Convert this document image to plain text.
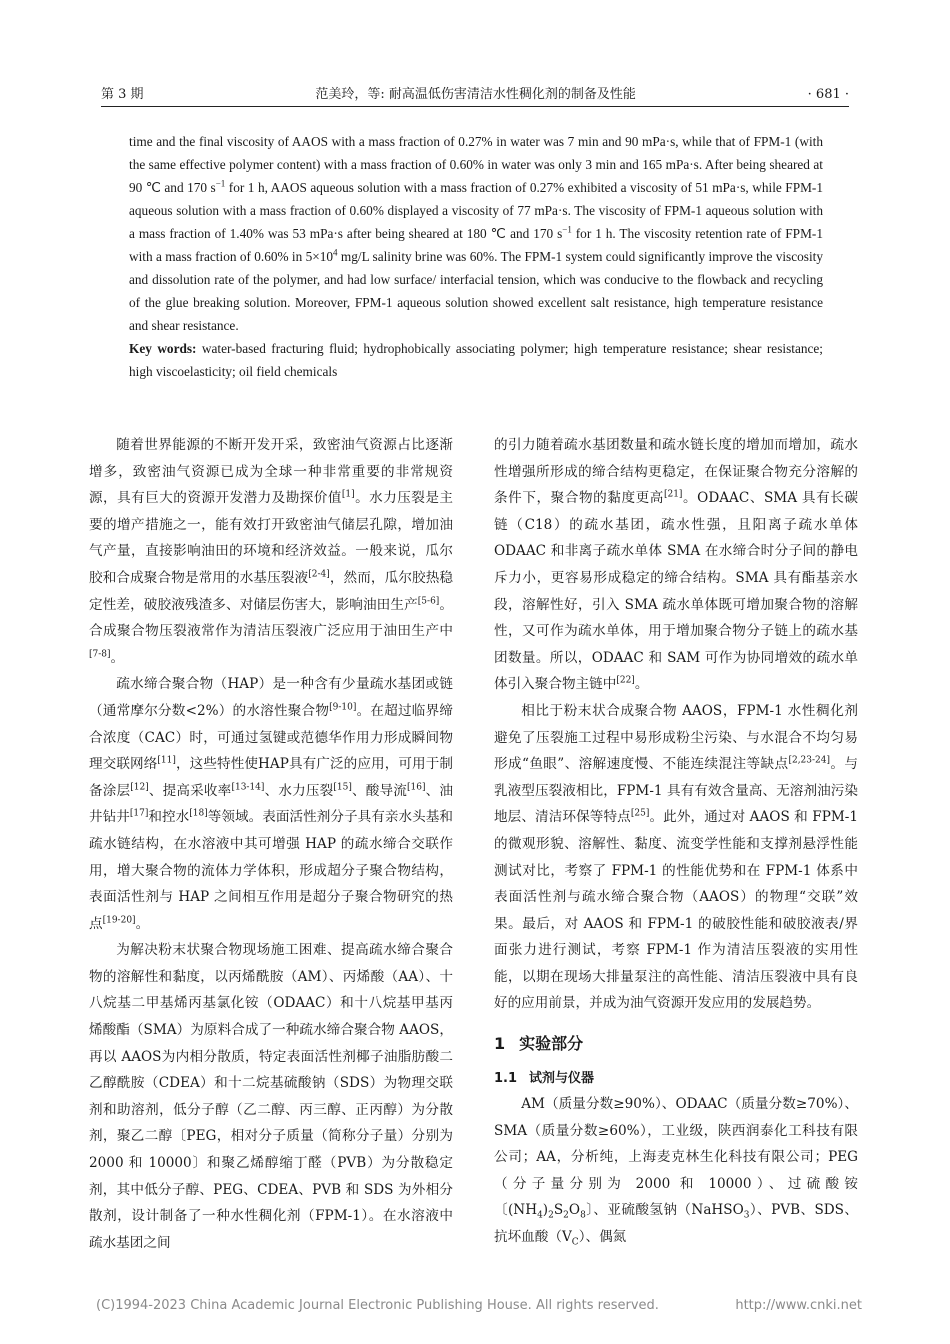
第 3 期	范美玲，等: 耐高温低伤害清洁水性稠化剂的制备及性能	· 681 ·

time and the final viscosity of AAOS with a mass fraction of 0.27% in water was 7 min and 90 mPa·s, while that of FPM-1 (with the same effective polymer content) with a mass fraction of 0.60% in water was only 3 min and 165 mPa·s. After being sheared at 90 ℃ and 170 $s^{-1}$ for 1 h, AAOS aqueous solution with a mass fraction of 0.27% exhibited a viscosity of 51 mPa·s, while FPM-1 aqueous solution with a mass fraction of 0.60% displayed a viscosity of 77 mPa·s. The viscosity of FPM-1 aqueous solution with a mass fraction of 1.40% was 53 mPa·s after being sheared at 180 ℃ and 170 $s^{-1}$ for 1 h. The viscosity retention rate of FPM-1 with a mass fraction of 0.60% in $5\times 10^4$ mg/L salinity brine was 60%. The FPM-1 system could significantly improve the viscosity and dissolution rate of the polymer, and had low surface/ interfacial tension, which was conducive to the flowback and recycling of the glue breaking solution. Moreover, FPM-1 aqueous solution showed excellent salt resistance, high temperature resistance and shear resistance.

Key words: water-based fracturing fluid; hydrophobically associating polymer; high temperature resistance; shear resistance; high viscoelasticity; oil field chemicals

随着世界能源的不断开发开采，致密油气资源占比逐渐增多，致密油气资源已成为全球一种非常重要的非常规资源，具有巨大的资源开发潜力及勘探价值[1]。水力压裂是主要的增产措施之一，能有效打开致密油气储层孔隙，增加油气产量，直接影响油田的环境和经济效益。一般来说，瓜尔胶和合成聚合物是常用的水基压裂液[2-4]，然而，瓜尔胶热稳定性差，破胶液残渣多、对储层伤害大，影响油田生产[5-6]。合成聚合物压裂液常作为清洁压裂液广泛应用于油田生产中[7-8]。

疏水缔合聚合物（HAP）是一种含有少量疏水基团或链（通常摩尔分数<2%）的水溶性聚合物[9-10]。在超过临界缔合浓度（CAC）时，可通过氢键或范德华作用力形成瞬间物理交联网络[11]，这些特性使HAP具有广泛的应用，可用于制备涂层[12]、提高采收率[13-14]、水力压裂[15]、酸导流[16]、油井钻井[17]和控水[18]等领域。表面活性剂分子具有亲水头基和疏水链结构，在水溶液中其可增强 HAP 的疏水缔合交联作用，增大聚合物的流体力学体积，形成超分子聚合物结构，表面活性剂与 HAP 之间相互作用是超分子聚合物研究的热点[19-20]。

为解决粉末状聚合物现场施工困难、提高疏水缔合聚合物的溶解性和黏度，以丙烯酰胺（AM）、丙烯酸（AA）、十八烷基二甲基烯丙基氯化铵（ODAAC）和十八烷基甲基丙烯酸酯（SMA）为原料合成了一种疏水缔合聚合物 AAOS，再以 AAOS为内相分散质，特定表面活性剂椰子油脂肪酸二乙醇酰胺（CDEA）和十二烷基硫酸钠（SDS）为物理交联剂和助溶剂，低分子醇（乙二醇、丙三醇、正丙醇）为分散剂，聚乙二醇〔PEG，相对分子质量（简称分子量）分别为 2000 和 10000〕和聚乙烯醇缩丁醛（PVB）为分散稳定剂，其中低分子醇、PEG、CDEA、PVB 和 SDS 为外相分散剂，设计制备了一种水性稠化剂（FPM-1）。在水溶液中疏水基团之间

的引力随着疏水基团数量和疏水链长度的增加而增加，疏水性增强所形成的缔合结构更稳定，在保证聚合物充分溶解的条件下，聚合物的黏度更高[21]。ODAAC、SMA 具有长碳链（C18）的疏水基团，疏水性强，且阳离子疏水单体 ODAAC 和非离子疏水单体 SMA 在水缔合时分子间的静电斥力小，更容易形成稳定的缔合结构。SMA 具有酯基亲水段，溶解性好，引入 SMA 疏水单体既可增加聚合物的溶解性，又可作为疏水单体，用于增加聚合物分子链上的疏水基团数量。所以，ODAAC 和 SAM 可作为协同增效的疏水单体引入聚合物主链中[22]。

相比于粉末状合成聚合物 AAOS，FPM-1 水性稠化剂避免了压裂施工过程中易形成粉尘污染、与水混合不均匀易形成“鱼眼”、溶解速度慢、不能连续混注等缺点[2,23-24]。与乳液型压裂液相比，FPM-1 具有有效含量高、无溶剂油污染地层、清洁环保等特点[25]。此外，通过对 AAOS 和 FPM-1 的微观形貌、溶解性、黏度、流变学性能和支撑剂悬浮性能测试对比，考察了 FPM-1 的性能优势和在 FPM-1 体系中表面活性剂与疏水缔合聚合物（AAOS）的物理“交联”效果。最后，对 AAOS 和 FPM-1 的破胶性能和破胶液表/界面张力进行测试，考察 FPM-1 作为清洁压裂液的实用性能，以期在现场大排量泵注的高性能、清洁压裂液中具有良好的应用前景，并成为油气资源开发应用的发展趋势。

1 实验部分
1.1 试剂与仪器

AM（质量分数≥90%）、ODAAC（质量分数≥70%）、SMA（质量分数≥60%），工业级，陕西润泰化工科技有限公司；AA，分析纯，上海麦克林生化科技有限公司；PEG（分子量分别为 2000 和 10000）、过硫酸铵〔$(NH_4)_2S_2O_8$〕、亚硫酸氢钠（NaHSO$_3$）、PVB、SDS、抗坏血酸$(V_C)$、偶氮

(C)1994-2023 China Academic Journal Electronic Publishing House. All rights reserved.	http://www.cnki.net
